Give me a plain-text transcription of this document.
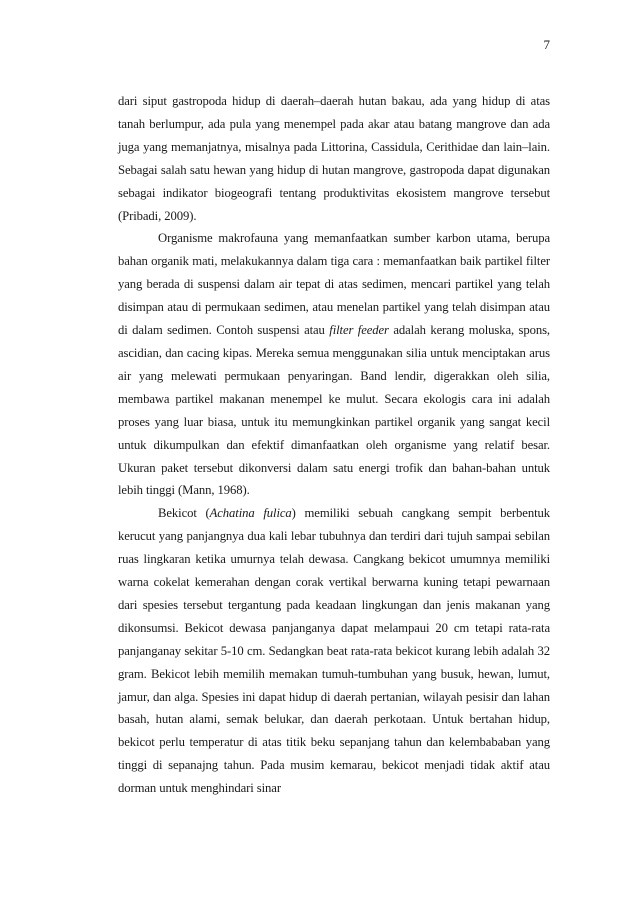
7

dari siput gastropoda hidup di daerah–daerah hutan bakau, ada yang hidup di atas tanah berlumpur, ada pula yang menempel pada akar atau batang mangrove dan ada juga yang memanjatnya, misalnya pada Littorina, Cassidula, Cerithidae dan lain–lain. Sebagai salah satu hewan yang hidup di hutan mangrove, gastropoda dapat digunakan sebagai indikator biogeografi tentang produktivitas ekosistem mangrove tersebut (Pribadi, 2009).

Organisme makrofauna yang memanfaatkan sumber karbon utama, berupa bahan organik mati, melakukannya dalam tiga cara : memanfaatkan baik partikel filter yang berada di suspensi dalam air tepat di atas sedimen, mencari partikel yang telah disimpan atau di permukaan sedimen, atau menelan partikel yang telah disimpan atau di dalam sedimen. Contoh suspensi atau filter feeder adalah kerang moluska, spons, ascidian, dan cacing kipas. Mereka semua menggunakan silia untuk menciptakan arus air yang melewati permukaan penyaringan. Band lendir, digerakkan oleh silia, membawa partikel makanan menempel ke mulut. Secara ekologis cara ini adalah proses yang luar biasa, untuk itu memungkinkan partikel organik yang sangat kecil untuk dikumpulkan dan efektif dimanfaatkan oleh organisme yang relatif besar. Ukuran paket tersebut dikonversi dalam satu energi trofik dan bahan-bahan untuk lebih tinggi (Mann, 1968).

Bekicot (Achatina fulica) memiliki sebuah cangkang sempit berbentuk kerucut yang panjangnya dua kali lebar tubuhnya dan terdiri dari tujuh sampai sebilan ruas lingkaran ketika umurnya telah dewasa. Cangkang bekicot umumnya memiliki warna cokelat kemerahan dengan corak vertikal berwarna kuning tetapi pewarnaan dari spesies tersebut tergantung pada keadaan lingkungan dan jenis makanan yang dikonsumsi. Bekicot dewasa panjanganya dapat melampaui 20 cm tetapi rata-rata panjanganay sekitar 5-10 cm. Sedangkan beat rata-rata bekicot kurang lebih adalah 32 gram. Bekicot lebih memilih memakan tumuh-tumbuhan yang busuk, hewan, lumut, jamur, dan alga. Spesies ini dapat hidup di daerah pertanian, wilayah pesisir dan lahan basah, hutan alami, semak belukar, dan daerah perkotaan. Untuk bertahan hidup, bekicot perlu temperatur di atas titik beku sepanjang tahun dan kelembababan yang tinggi di sepanajng tahun. Pada musim kemarau, bekicot menjadi tidak aktif atau dorman untuk menghindari sinar
